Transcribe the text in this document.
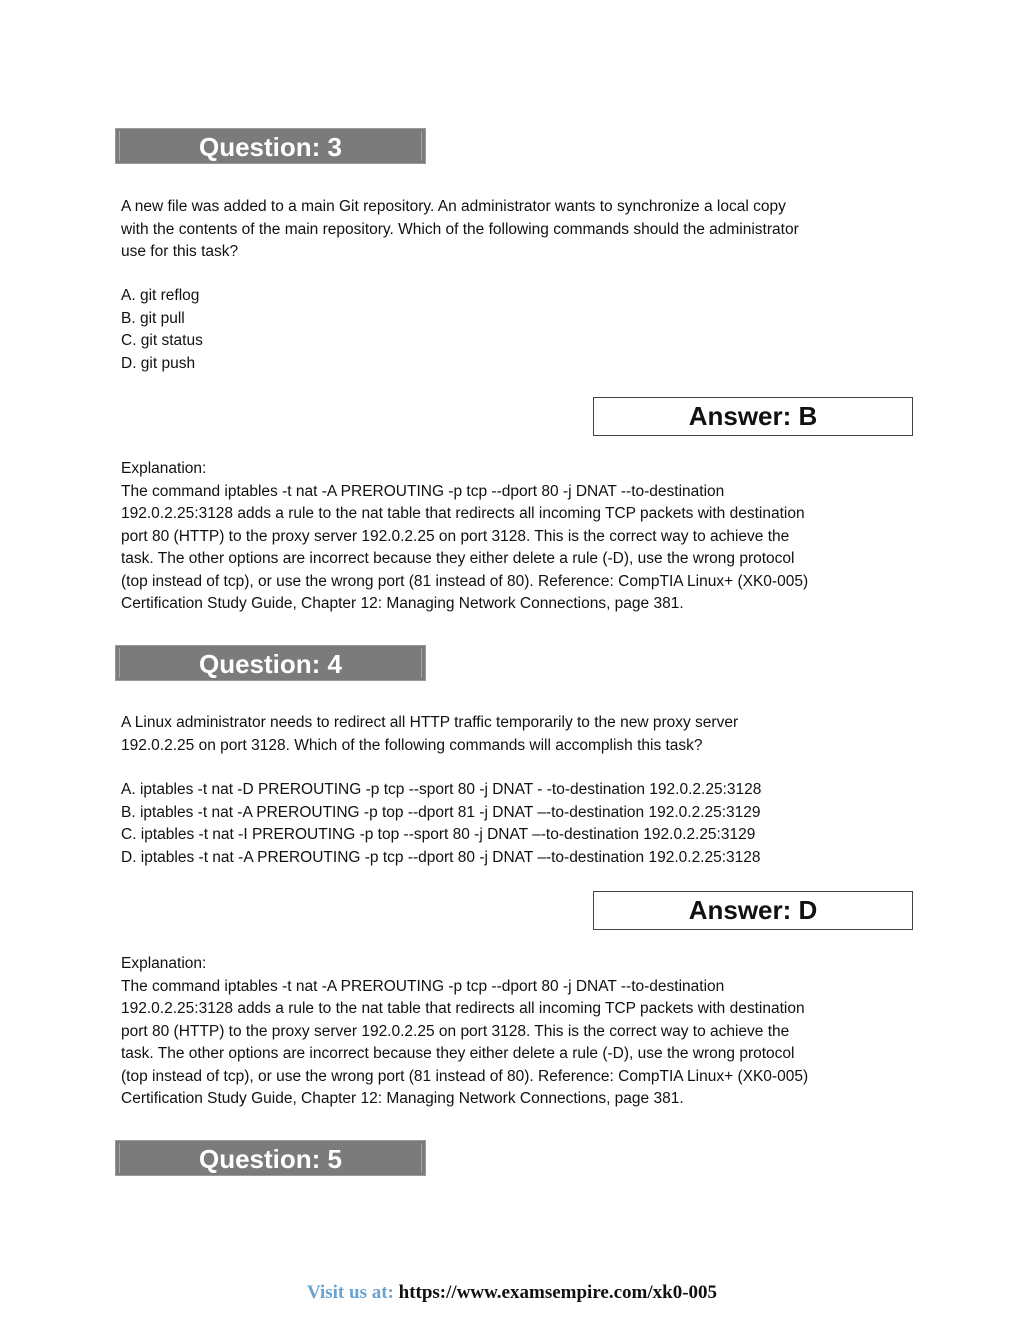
Question: 3
A new file was added to a main Git repository. An administrator wants to synchronize a local copy
with the contents of the main repository. Which of the following commands should the administrator
use for this task?
A. git reflog
B. git pull
C. git status
D. git push
Answer: B
Explanation:
The command iptables -t nat -A PREROUTING -p tcp --dport 80 -j DNAT --to-destination
192.0.2.25:3128 adds a rule to the nat table that redirects all incoming TCP packets with destination
port 80 (HTTP) to the proxy server 192.0.2.25 on port 3128. This is the correct way to achieve the
task. The other options are incorrect because they either delete a rule (-D), use the wrong protocol
(top instead of tcp), or use the wrong port (81 instead of 80). Reference: CompTIA Linux+ (XK0-005)
Certification Study Guide, Chapter 12: Managing Network Connections, page 381.
Question: 4
A Linux administrator needs to redirect all HTTP traffic temporarily to the new proxy server
192.0.2.25 on port 3128. Which of the following commands will accomplish this task?
A. iptables -t nat -D PREROUTING -p tcp --sport 80 -j DNAT - -to-destination 192.0.2.25:3128
B. iptables -t nat -A PREROUTING -p top --dport 81 -j DNAT –-to-destination 192.0.2.25:3129
C. iptables -t nat -I PREROUTING -p top --sport 80 -j DNAT –-to-destination 192.0.2.25:3129
D. iptables -t nat -A PREROUTING -p tcp --dport 80 -j DNAT –-to-destination 192.0.2.25:3128
Answer: D
Explanation:
The command iptables -t nat -A PREROUTING -p tcp --dport 80 -j DNAT --to-destination
192.0.2.25:3128 adds a rule to the nat table that redirects all incoming TCP packets with destination
port 80 (HTTP) to the proxy server 192.0.2.25 on port 3128. This is the correct way to achieve the
task. The other options are incorrect because they either delete a rule (-D), use the wrong protocol
(top instead of tcp), or use the wrong port (81 instead of 80). Reference: CompTIA Linux+ (XK0-005)
Certification Study Guide, Chapter 12: Managing Network Connections, page 381.
Question: 5
Visit us at: https://www.examsempire.com/xk0-005
